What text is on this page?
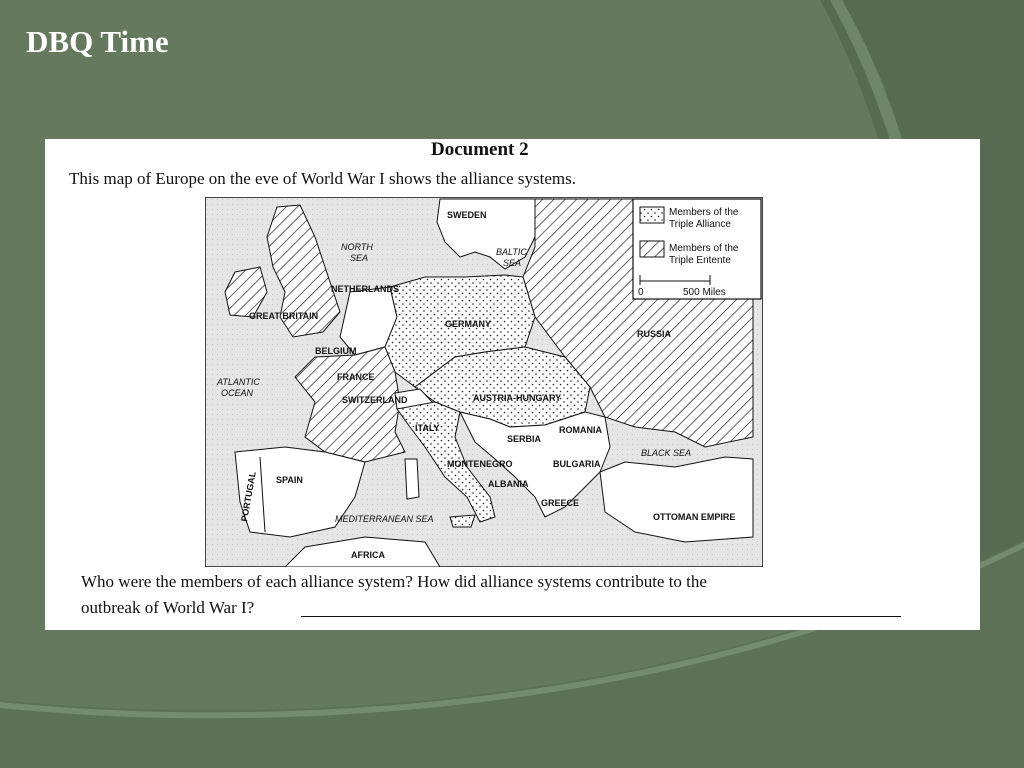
DBQ Time
Document 2
This map of Europe on the eve of World War I shows the alliance systems.
Members of the
Triple Alliance
Members of the
Triple Entente
0	500 Miles
SWEDEN
NETHERLANDS
GREAT BRITAIN
BELGIUM
FRANCE
SWITZERLAND
GERMANY
RUSSIA
AUSTRIA-HUNGARY
ITALY
SERBIA
ROMANIA
MONTENEGRO	BULGARIA
ALBANIA
GREECE
SPAIN
PORTUGAL	OTTOMAN EMPIRE
AFRICA
NORTH
SEA
BALTIC
SEA
ATLANTIC
OCEAN
BLACK SEA
MEDITERRANEAN SEA
Who were the members of each alliance system? How did alliance systems contribute to the
outbreak of World War I?
